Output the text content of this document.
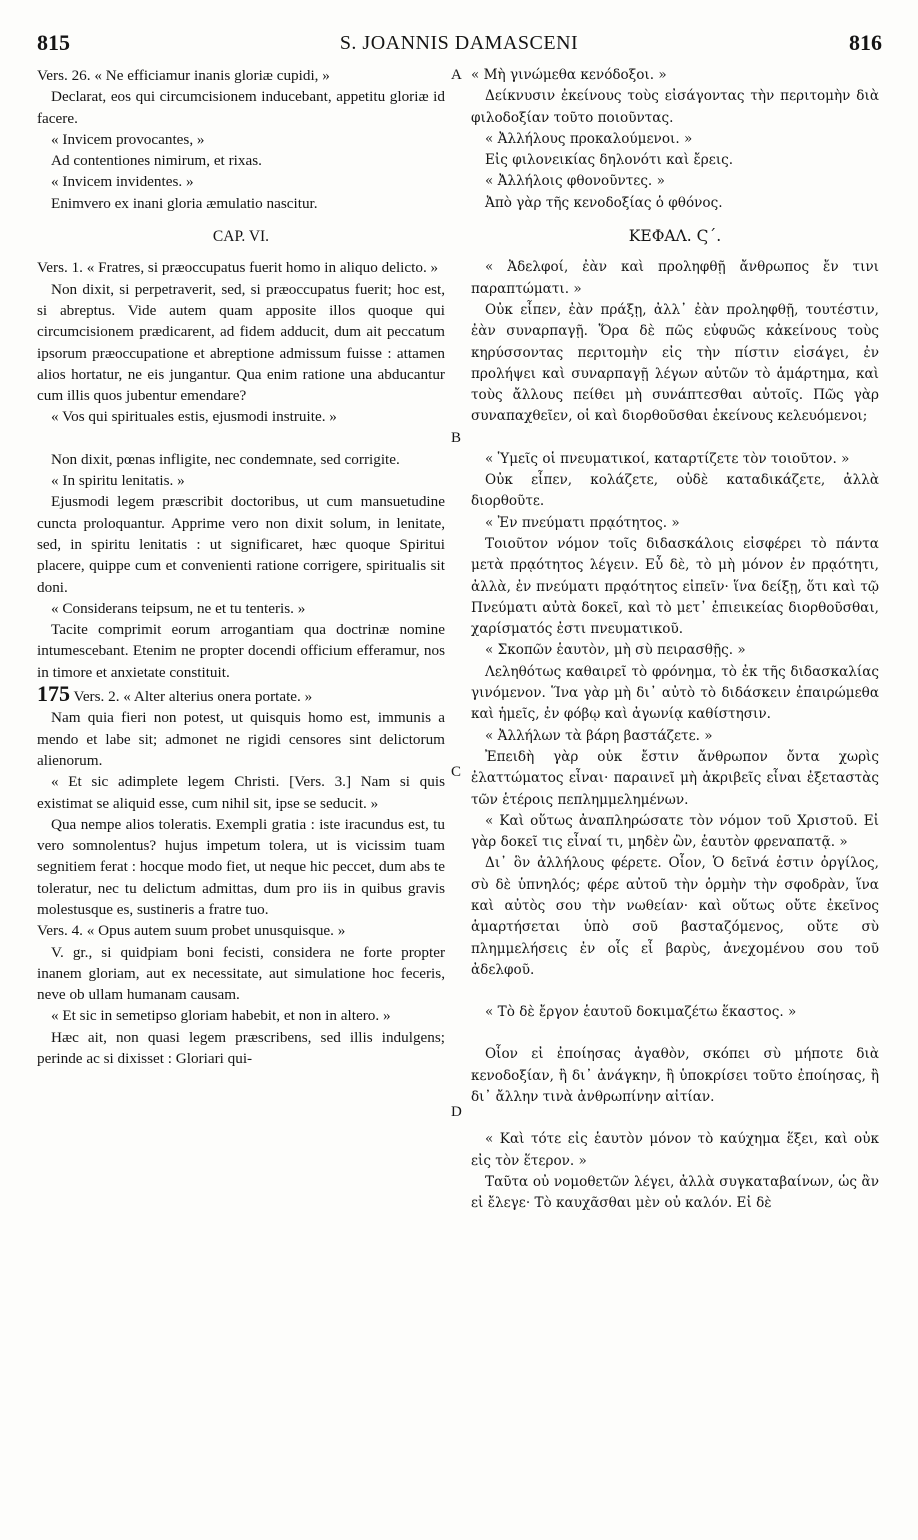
815	S. JOANNIS DAMASCENI	816
A
B
C
D

Vers. 26. « Ne efficiamur inanis gloriæ cupidi, »

Declarat, eos qui circumcisionem inducebant, appetitu gloriæ id facere.

« Invicem provocantes, »

Ad contentiones nimirum, et rixas.

« Invicem invidentes. »

Enimvero ex inani gloria æmulatio nascitur.

CAP. VI.

Vers. 1. « Fratres, si præoccupatus fuerit homo in aliquo delicto. »

Non dixit, si perpetraverit, sed, si præoccupatus fuerit; hoc est, si abreptus. Vide autem quam apposite illos quoque qui circumcisionem prædicarent, ad fidem adducit, dum ait peccatum ipsorum præoccupatione et abreptione admissum fuisse : attamen alios hortatur, ne eis jungantur. Qua enim ratione una abducantur cum illis quos jubentur emendare?

« Vos qui spirituales estis, ejusmodi instruite. »

Non dixit, pœnas infligite, nec condemnate, sed corrigite.

« In spiritu lenitatis. »

Ejusmodi legem præscribit doctoribus, ut cum mansuetudine cuncta proloquantur. Apprime vero non dixit solum, in lenitate, sed, in spiritu lenitatis : ut significaret, hæc quoque Spiritui placere, quippe cum et convenienti ratione corrigere, spiritualis sit doni.

« Considerans teipsum, ne et tu tenteris. »

Tacite comprimit eorum arrogantiam qua doctrinæ nomine intumescebant. Etenim ne propter docendi officium efferamur, nos in timore et anxietate constituit.

175 Vers. 2. « Alter alterius onera portate. »

Nam quia fieri non potest, ut quisquis homo est, immunis a mendo et labe sit; admonet ne rigidi censores sint delictorum alienorum.

« Et sic adimplete legem Christi. [Vers. 3.] Nam si quis existimat se aliquid esse, cum nihil sit, ipse se seducit. »

Qua nempe alios toleratis. Exempli gratia : iste iracundus est, tu vero somnolentus? hujus impetum tolera, ut is vicissim tuam segnitiem ferat : hocque modo fiet, ut neque hic peccet, dum abs te toleratur, nec tu delictum admittas, dum pro iis in quibus gravis molestusque es, sustineris a fratre tuo.

Vers. 4. « Opus autem suum probet unusquisque. »

V. gr., si quidpiam boni fecisti, considera ne forte propter inanem gloriam, aut ex necessitate, aut simulatione hoc feceris, neve ob ullam humanam causam.

« Et sic in semetipso gloriam habebit, et non in altero. »

Hæc ait, non quasi legem præscribens, sed illis indulgens; perinde ac si dixisset : Gloriari qui-

« Μὴ γινώμεθα κενόδοξοι. »

Δείκνυσιν ἐκείνους τοὺς εἰσάγοντας τὴν περιτομὴν διὰ φιλοδοξίαν τοῦτο ποιοῦντας.

« Ἀλλήλους προκαλούμενοι. »

Εἰς φιλονεικίας δηλονότι καὶ ἔρεις.

« Ἀλλήλοις φθονοῦντες. »

Ἀπὸ γὰρ τῆς κενοδοξίας ὁ φθόνος.

ΚΕΦΑΛ. Ϛ΄.

« Ἀδελφοί, ἐὰν καὶ προληφθῇ ἄνθρωπος ἔν τινι παραπτώματι. »

Οὐκ εἶπεν, ἐὰν πράξῃ, ἀλλ᾽ ἐὰν προληφθῇ, τουτέστιν, ἐὰν συναρπαγῇ. Ὅρα δὲ πῶς εὐφυῶς κἀκείνους τοὺς κηρύσσοντας περιτομὴν εἰς τὴν πίστιν εἰσάγει, ἐν προλήψει καὶ συναρπαγῇ λέγων αὐτῶν τὸ ἁμάρτημα, καὶ τοὺς ἄλλους πείθει μὴ συνάπτεσθαι αὐτοῖς. Πῶς γὰρ συναπαχθεῖεν, οἱ καὶ διορθοῦσθαι ἐκείνους κελευόμενοι;

« Ὑμεῖς οἱ πνευματικοί, καταρτίζετε τὸν τοιοῦτον. »

Οὐκ εἶπεν, κολάζετε, οὐδὲ καταδικάζετε, ἀλλὰ διορθοῦτε.

« Ἐν πνεύματι πρᾳότητος. »

Τοιοῦτον νόμον τοῖς διδασκάλοις εἰσφέρει τὸ πάντα μετὰ πρᾳότητος λέγειν. Εὖ δὲ, τὸ μὴ μόνον ἐν πρᾳότητι, ἀλλὰ, ἐν πνεύματι πρᾳότητος εἰπεῖν· ἵνα δείξῃ, ὅτι καὶ τῷ Πνεύματι αὐτὰ δοκεῖ, καὶ τὸ μετ᾽ ἐπιεικείας διορθοῦσθαι, χαρίσματός ἐστι πνευματικοῦ.

« Σκοπῶν ἑαυτὸν, μὴ σὺ πειρασθῇς. »

Λεληθότως καθαιρεῖ τὸ φρόνημα, τὸ ἐκ τῆς διδασκαλίας γινόμενον. Ἵνα γὰρ μὴ δι᾽ αὐτὸ τὸ διδάσκειν ἐπαιρώμεθα καὶ ἡμεῖς, ἐν φόβῳ καὶ ἀγωνίᾳ καθίστησιν.

« Ἀλλήλων τὰ βάρη βαστάζετε. »

Ἐπειδὴ γὰρ οὐκ ἔστιν ἄνθρωπον ὄντα χωρὶς ἐλαττώματος εἶναι· παραινεῖ μὴ ἀκριβεῖς εἶναι ἐξεταστὰς τῶν ἑτέροις πεπλημμελημένων.

« Καὶ οὕτως ἀναπληρώσατε τὸν νόμον τοῦ Χριστοῦ. Εἰ γὰρ δοκεῖ τις εἶναί τι, μηδὲν ὢν, ἑαυτὸν φρεναπατᾷ. »

Δι᾽ ὃν ἀλλήλους φέρετε. Οἷον, Ὁ δεῖνά ἐστιν ὀργίλος, σὺ δὲ ὑπνηλός; φέρε αὐτοῦ τὴν ὁρμὴν τὴν σφοδρὰν, ἵνα καὶ αὐτὸς σου τὴν νωθείαν· καὶ οὕτως οὔτε ἐκεῖνος ἁμαρτήσεται ὑπὸ σοῦ βασταζόμενος, οὔτε σὺ πλημμελήσεις ἐν οἷς εἶ βαρὺς, ἀνεχομένου σου τοῦ ἀδελφοῦ.

« Τὸ δὲ ἔργον ἑαυτοῦ δοκιμαζέτω ἕκαστος. »

Οἷον εἰ ἐποίησας ἀγαθὸν, σκόπει σὺ μήποτε διὰ κενοδοξίαν, ἢ δι᾽ ἀνάγκην, ἢ ὑποκρίσει τοῦτο ἐποίησας, ἢ δι᾽ ἄλλην τινὰ ἀνθρωπίνην αἰτίαν.

« Καὶ τότε εἰς ἑαυτὸν μόνον τὸ καύχημα ἕξει, καὶ οὐκ εἰς τὸν ἕτερον. »

Ταῦτα οὐ νομοθετῶν λέγει, ἀλλὰ συγκαταβαίνων, ὡς ἂν εἰ ἔλεγε· Τὸ καυχᾶσθαι μὲν οὐ καλόν. Εἰ δὲ
